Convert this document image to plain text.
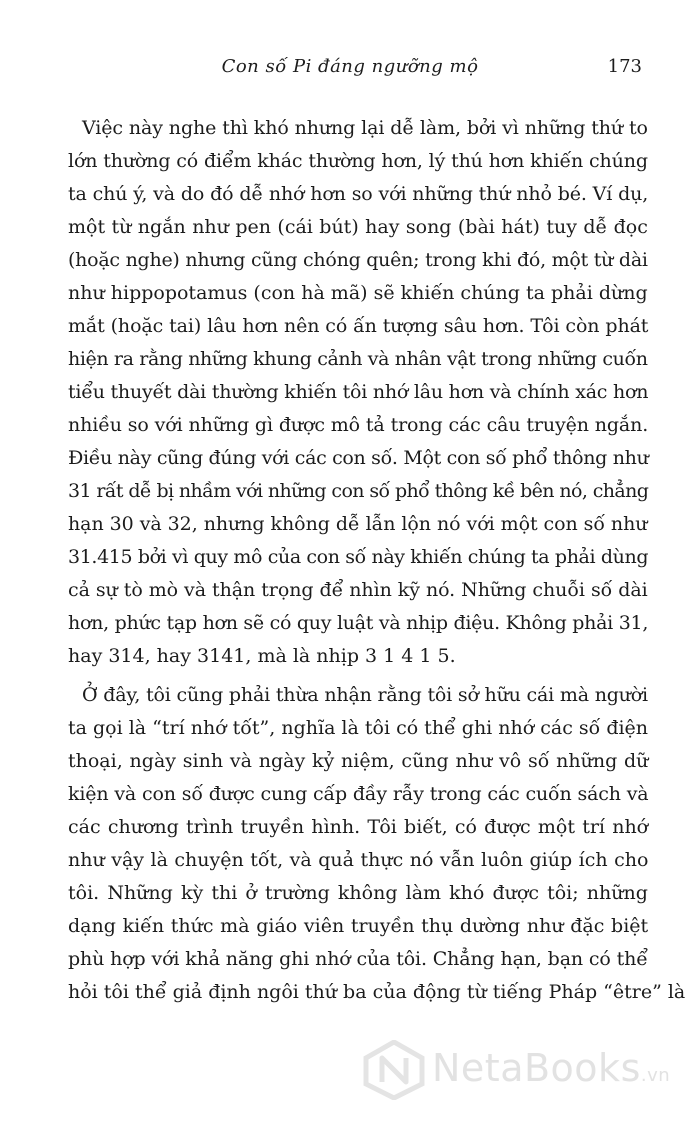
Con số Pi đáng ngưỡng mộ	173
Việc này nghe thì khó nhưng lại dễ làm, bởi vì những thứ to
lớn thường có điểm khác thường hơn, lý thú hơn khiến chúng
ta chú ý, và do đó dễ nhớ hơn so với những thứ nhỏ bé. Ví dụ,
một từ ngắn như pen (cái bút) hay song (bài hát) tuy dễ đọc
(hoặc nghe) nhưng cũng chóng quên; trong khi đó, một từ dài
như hippopotamus (con hà mã) sẽ khiến chúng ta phải dừng
mắt (hoặc tai) lâu hơn nên có ấn tượng sâu hơn. Tôi còn phát
hiện ra rằng những khung cảnh và nhân vật trong những cuốn
tiểu thuyết dài thường khiến tôi nhớ lâu hơn và chính xác hơn
nhiều so với những gì được mô tả trong các câu truyện ngắn.
Điều này cũng đúng với các con số. Một con số phổ thông như
31 rất dễ bị nhầm với những con số phổ thông kề bên nó, chẳng
hạn 30 và 32, nhưng không dễ lẫn lộn nó với một con số như
31.415 bởi vì quy mô của con số này khiến chúng ta phải dùng
cả sự tò mò và thận trọng để nhìn kỹ nó. Những chuỗi số dài
hơn, phức tạp hơn sẽ có quy luật và nhịp điệu. Không phải 31,
hay 314, hay 3141, mà là nhịp 3 1 4 1 5.
Ở đây, tôi cũng phải thừa nhận rằng tôi sở hữu cái mà người
ta gọi là “trí nhớ tốt”, nghĩa là tôi có thể ghi nhớ các số điện
thoại, ngày sinh và ngày kỷ niệm, cũng như vô số những dữ
kiện và con số được cung cấp đầy rẫy trong các cuốn sách và
các chương trình truyền hình. Tôi biết, có được một trí nhớ
như vậy là chuyện tốt, và quả thực nó vẫn luôn giúp ích cho
tôi. Những kỳ thi ở trường không làm khó được tôi; những
dạng kiến thức mà giáo viên truyền thụ dường như đặc biệt
phù hợp với khả năng ghi nhớ của tôi. Chẳng hạn, bạn có thể
hỏi tôi thể giả định ngôi thứ ba của động từ tiếng Pháp “être” là
NetaBooks.vn
